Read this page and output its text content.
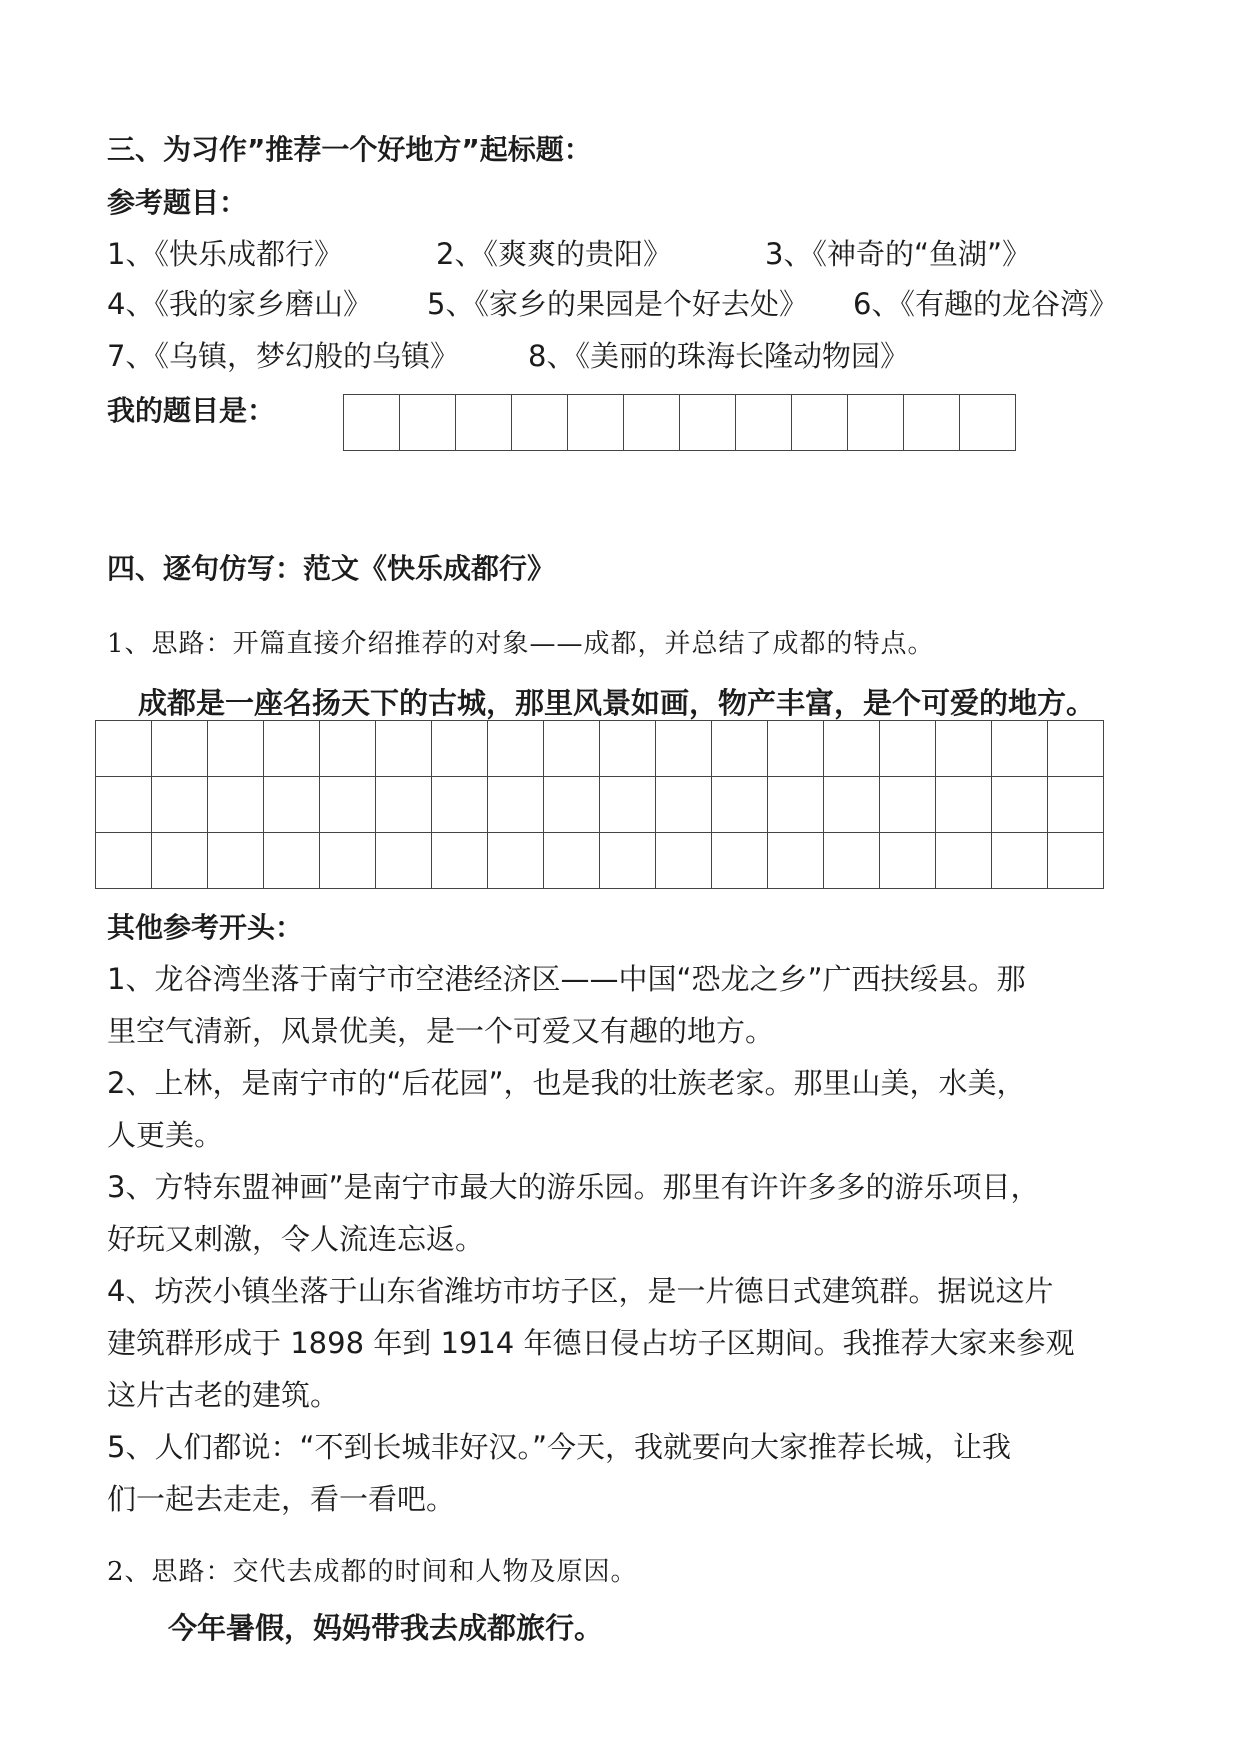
三、为习作”推荐一个好地方”起标题：
参考题目：
1、《快乐成都行》	2、《爽爽的贵阳》	3、《神奇的“鱼湖”》
4、《我的家乡磨山》 5、《家乡的果园是个好去处》 6、《有趣的龙谷湾》
7、《乌镇，梦幻般的乌镇》 8、《美丽的珠海长隆动物园》
我的题目是：

四、逐句仿写：范文《快乐成都行》
1、思路：开篇直接介绍推荐的对象——成都，并总结了成都的特点。
成都是一座名扬天下的古城，那里风景如画，物产丰富，是个可爱的地方。

其他参考开头：
1、龙谷湾坐落于南宁市空港经济区——中国“恐龙之乡”广西扶绥县。那
里空气清新，风景优美，是一个可爱又有趣的地方。
2、上林，是南宁市的“后花园”，也是我的壮族老家。那里山美，水美，
人更美。
3、方特东盟神画”是南宁市最大的游乐园。那里有许许多多的游乐项目，
好玩又刺激，令人流连忘返。
4、坊茨小镇坐落于山东省潍坊市坊子区，是一片德日式建筑群。据说这片
建筑群形成于 1898 年到 1914 年德日侵占坊子区期间。我推荐大家来参观
这片古老的建筑。
5、人们都说：“不到长城非好汉。”今天，我就要向大家推荐长城，让我
们一起去走走，看一看吧。
2、思路：交代去成都的时间和人物及原因。
今年暑假，妈妈带我去成都旅行。
